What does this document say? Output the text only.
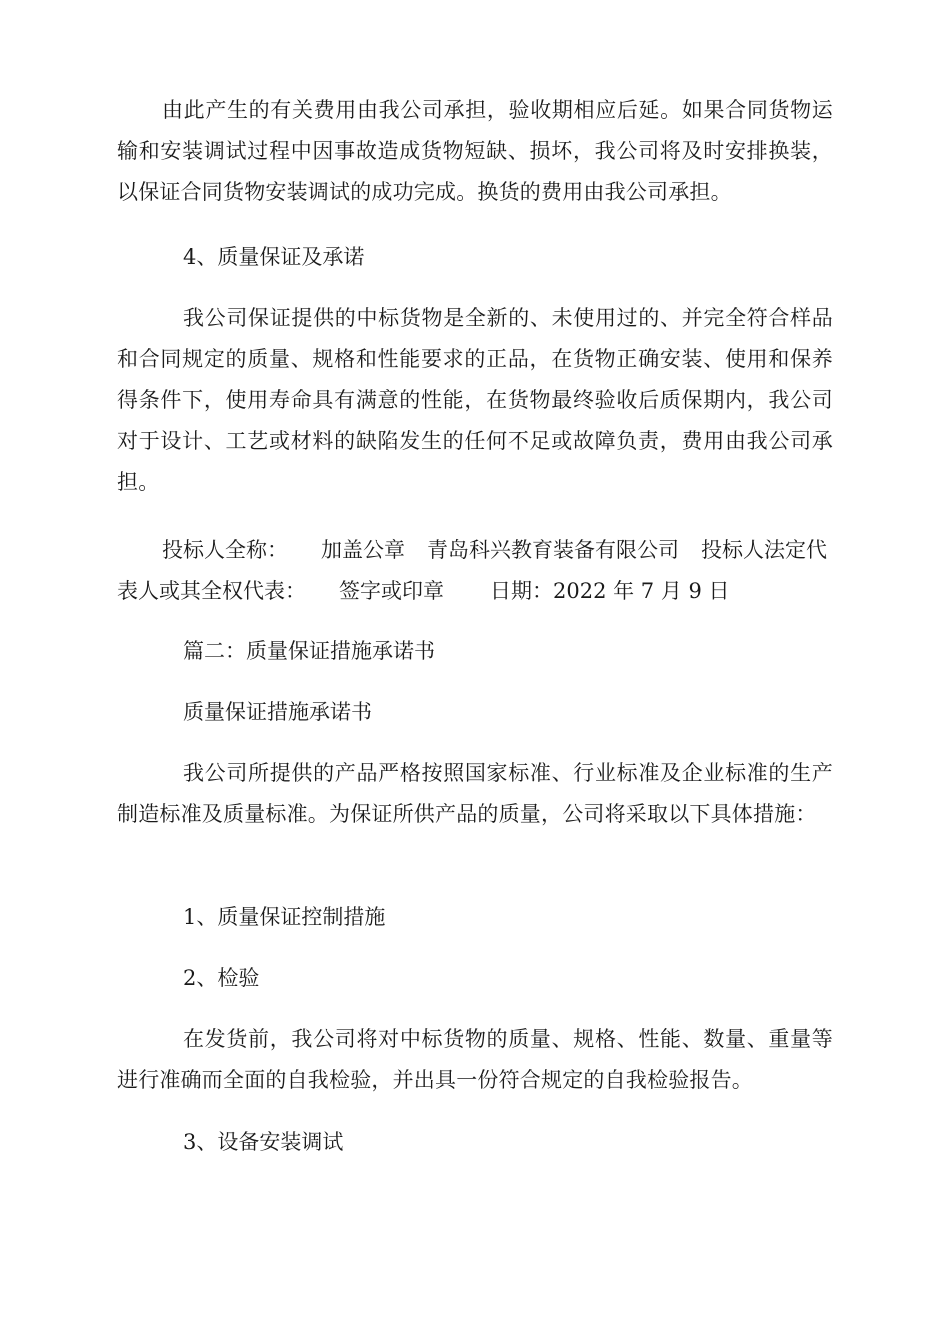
由此产生的有关费用由我公司承担，验收期相应后延。如果合同货物运输和安装调试过程中因事故造成货物短缺、损坏，我公司将及时安排换装，以保证合同货物安装调试的成功完成。换货的费用由我公司承担。

4、质量保证及承诺

我公司保证提供的中标货物是全新的、未使用过的、并完全符合样品和合同规定的质量、规格和性能要求的正品，在货物正确安装、使用和保养得条件下，使用寿命具有满意的性能，在货物最终验收后质保期内，我公司对于设计、工艺或材料的缺陷发生的任何不足或故障负责，费用由我公司承担。

投标人全称： 加盖公章 青岛科兴教育装备有限公司 投标人法定代表人或其全权代表： 签字或印章 日期：2022 年 7 月 9 日

篇二：质量保证措施承诺书

质量保证措施承诺书

我公司所提供的产品严格按照国家标准、行业标准及企业标准的生产制造标准及质量标准。为保证所供产品的质量，公司将采取以下具体措施：

1、质量保证控制措施

2、检验

在发货前，我公司将对中标货物的质量、规格、性能、数量、重量等进行准确而全面的自我检验，并出具一份符合规定的自我检验报告。

3、设备安装调试
